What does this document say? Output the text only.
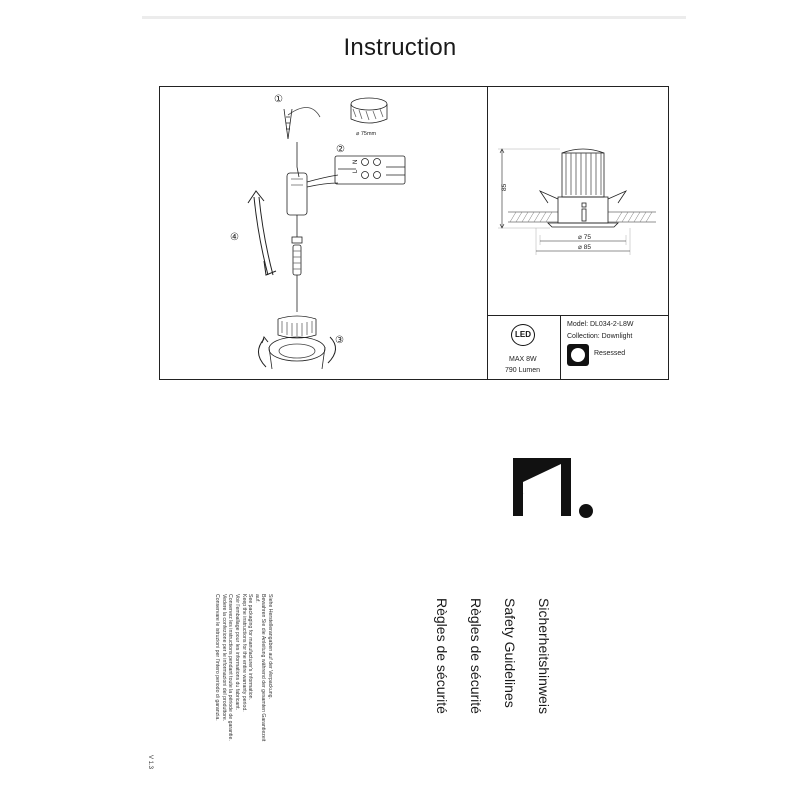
Instruction
L
N
⌀ 75mm
①
②
③
④
85
⌀ 75
⌀ 85
LED
MAX 8W
790 Lumen
Model: DL034-2-L8W
Collection: Downlight
Resessed
Sicherheitshinweis
Safety Guidelines
Règles de sécurité
Règles de sécurité
Siehe Herstellerangaben auf der Verpackung.
Bewahren Sie die Anleitung während der gesamten Garantiezeit
auf.
See packaging for manufacturer's information.
Keep the instructions for the entire warranty period.
Voir l'emballage pour les informations du fabricant.
Conservez les instructions pendant toute la période de garantie.
Vedere la confezione per le informazioni del produttore.
Conservare le istruzioni per l'intero periodo di garanzia.
V 1.3
